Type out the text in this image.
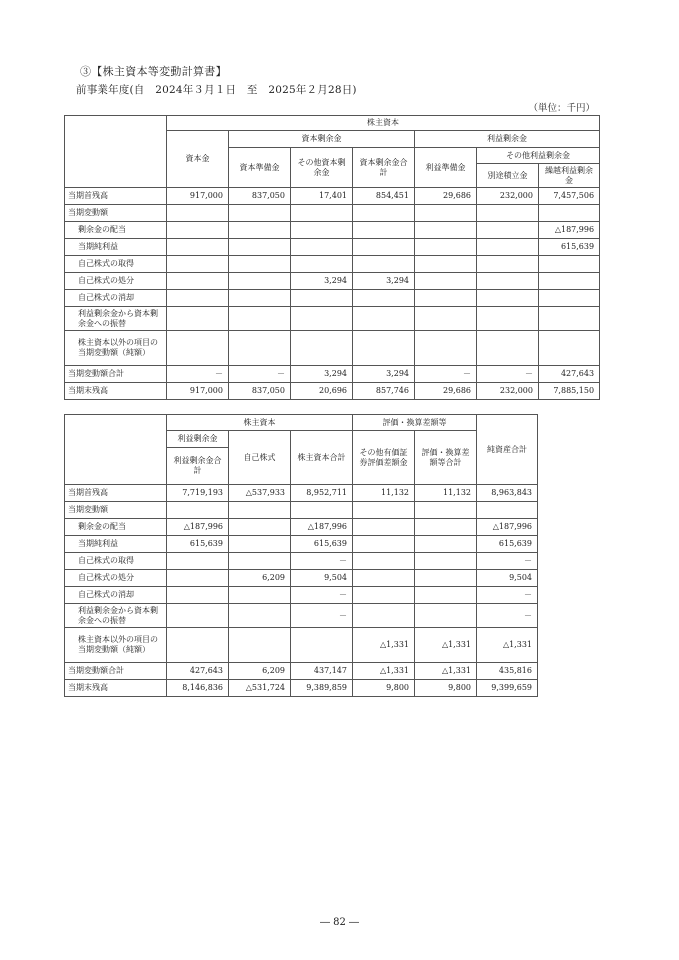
③【株主資本等変動計算書】
前事業年度(自　2024年３月１日　至　2025年２月28日)
（単位：千円）
	株主資本						
	資本金	資本剰余金			利益剰余金		
		資本準備金	その他資本剰余金	資本剰余金合計	利益準備金	その他利益剰余金	
						別途積立金	繰越利益剰余金
当期首残高	917,000	837,050	17,401	854,451	29,686	232,000	7,457,506
当期変動額							
剰余金の配当							△187,996
当期純利益							615,639
自己株式の取得							
自己株式の処分			3,294	3,294			
自己株式の消却							
利益剰余金から資本剰余金への振替							
株主資本以外の項目の当期変動額（純額）							
当期変動額合計	－	－	3,294	3,294	－	－	427,643
当期末残高	917,000	837,050	20,696	857,746	29,686	232,000	7,885,150
	株主資本			評価・換算差額等		純資産合計
	利益剰余金	自己株式	株主資本合計	その他有価証券評価差額金	評価・換算差額等合計	
	利益剰余金合計					
当期首残高	7,719,193	△537,933	8,952,711	11,132	11,132	8,963,843
当期変動額						
剰余金の配当	△187,996		△187,996			△187,996
当期純利益	615,639		615,639			615,639
自己株式の取得			－			－
自己株式の処分		6,209	9,504			9,504
自己株式の消却			－			－
利益剰余金から資本剰余金への振替			－			－
株主資本以外の項目の当期変動額（純額）				△1,331	△1,331	△1,331
当期変動額合計	427,643	6,209	437,147	△1,331	△1,331	435,816
当期末残高	8,146,836	△531,724	9,389,859	9,800	9,800	9,399,659
― 82 ―
